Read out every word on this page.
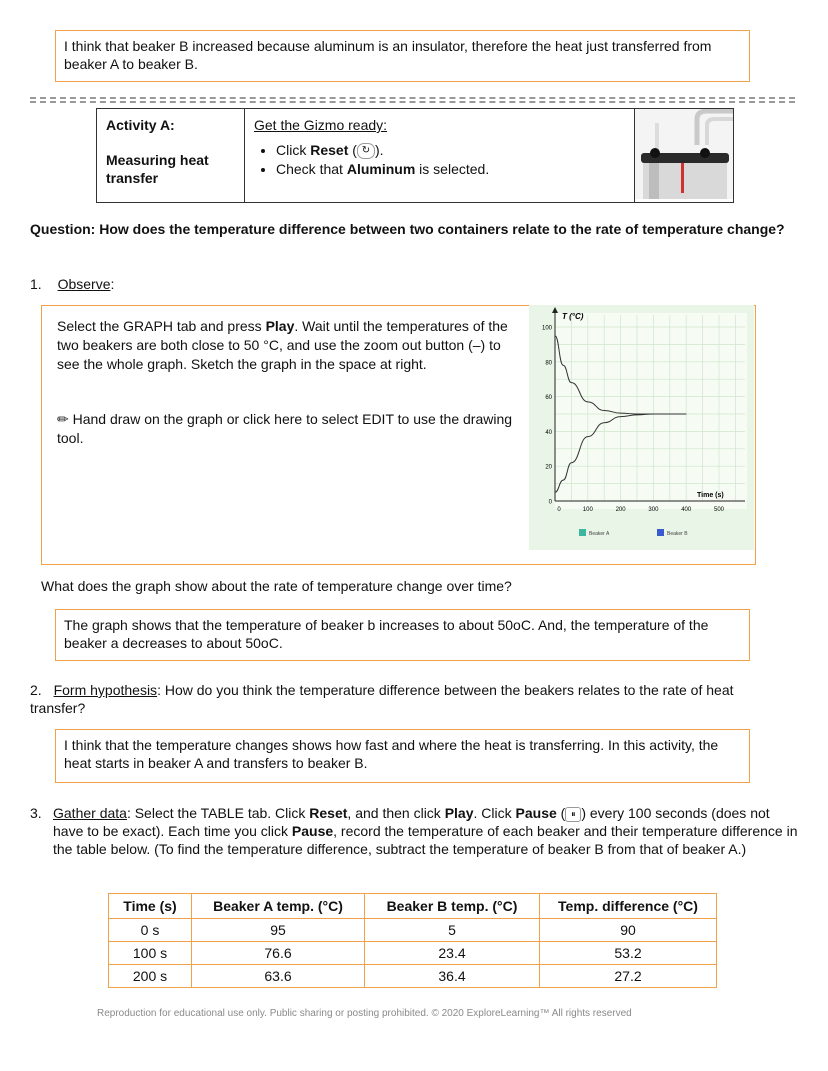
I think that beaker B increased because aluminum is an insulator, therefore the heat just transferred from beaker A to beaker B.
Activity A:
Measuring heat transfer

Get the Gizmo ready:
• Click Reset ( ↻ ).
• Check that Aluminum is selected.

Question: How does the temperature difference between two containers relate to the rate of temperature change?
1. Observe:
Select the GRAPH tab and press Play. Wait until the temperatures of the two beakers are both close to 50 °C, and use the zoom out button (–) to see the whole graph. Sketch the graph in the space at right.
✏ Hand draw on the graph or click here to select EDIT to use the drawing tool.
T (°C)
Time (s)
0
20
40
60
80
100
0	100	200	300	400	500
Beaker A	Beaker B
What does the graph show about the rate of temperature change over time?
The graph shows that the temperature of beaker b increases to about 50oC. And, the temperature of the beaker a decreases to about 50oC.
2. Form hypothesis: How do you think the temperature difference between the beakers relates to the rate of heat transfer?
I think that the temperature changes shows how fast and where the heat is transferring. In this activity, the heat starts in beaker A and transfers to beaker B.
3. Gather data: Select the TABLE tab. Click Reset, and then click Play. Click Pause ( ⏸ ) every 100 seconds (does not have to be exact). Each time you click Pause, record the temperature of each beaker and their temperature difference in the table below. (To find the temperature difference, subtract the temperature of beaker B from that of beaker A.)
Time (s)	Beaker A temp. (°C)	Beaker B temp. (°C)	Temp. difference (°C)
0 s	95	5	90
100 s	76.6	23.4	53.2
200 s	63.6	36.4	27.2
Reproduction for educational use only. Public sharing or posting prohibited. © 2020 ExploreLearning™ All rights reserved
